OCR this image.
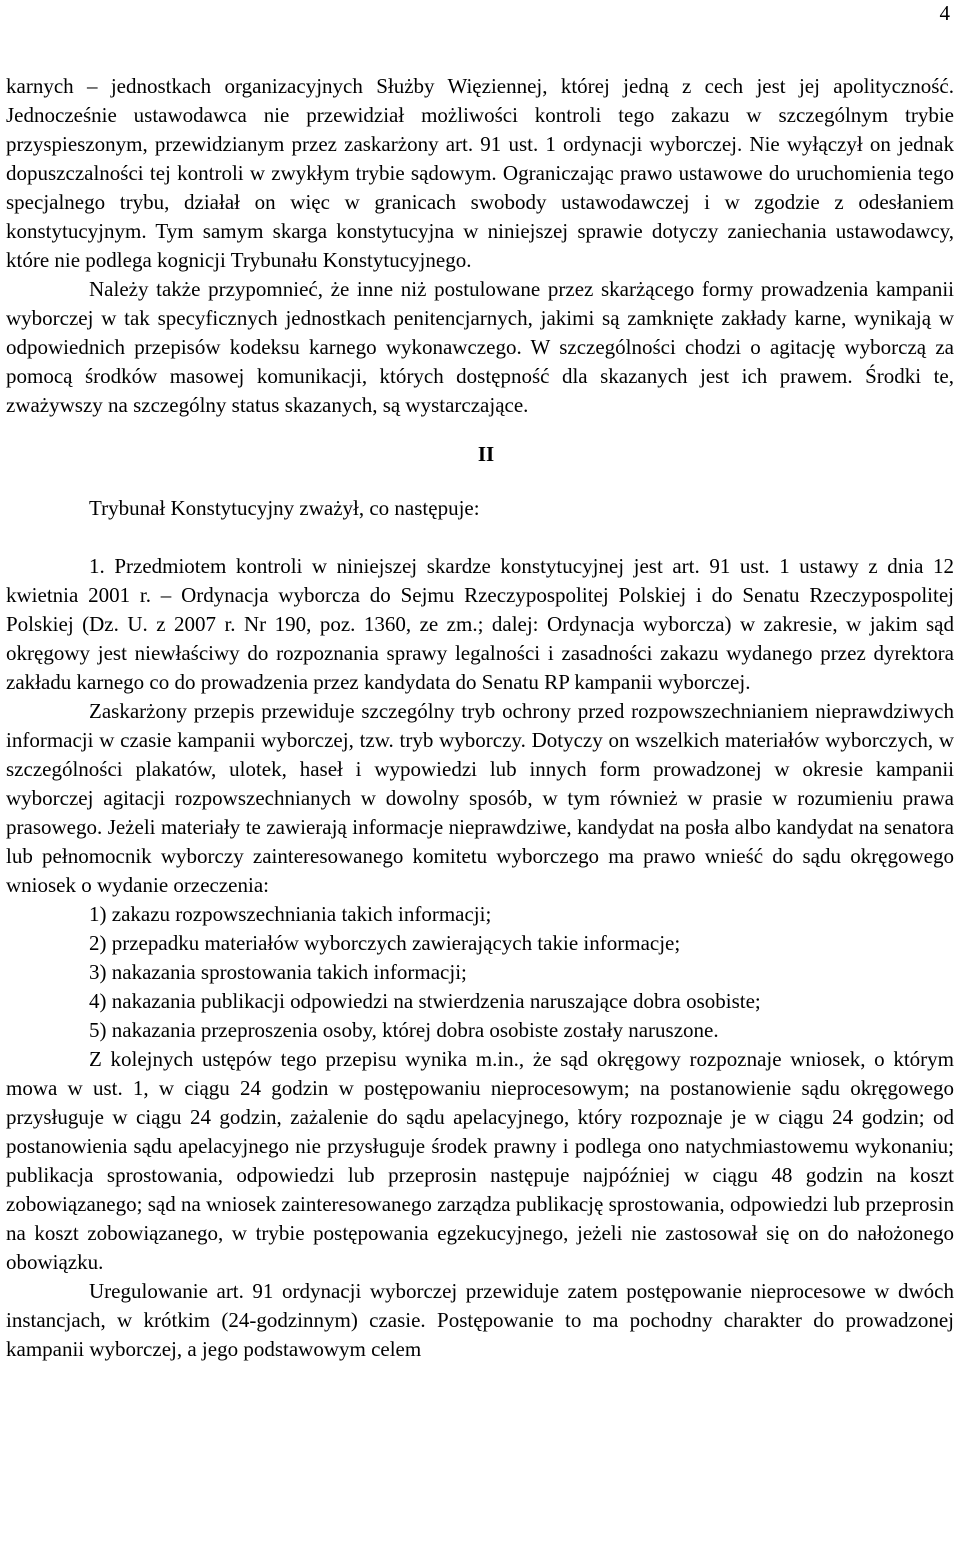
4

karnych – jednostkach organizacyjnych Służby Więziennej, której jedną z cech jest jej apolityczność. Jednocześnie ustawodawca nie przewidział możliwości kontroli tego zakazu w szczególnym trybie przyspieszonym, przewidzianym przez zaskarżony art. 91 ust. 1 ordynacji wyborczej. Nie wyłączył on jednak dopuszczalności tej kontroli w zwykłym trybie sądowym. Ograniczając prawo ustawowe do uruchomienia tego specjalnego trybu, działał on więc w granicach swobody ustawodawczej i w zgodzie z odesłaniem konstytucyjnym. Tym samym skarga konstytucyjna w niniejszej sprawie dotyczy zaniechania ustawodawcy, które nie podlega kognicji Trybunału Konstytucyjnego.

Należy także przypomnieć, że inne niż postulowane przez skarżącego formy prowadzenia kampanii wyborczej w tak specyficznych jednostkach penitencjarnych, jakimi są zamknięte zakłady karne, wynikają w odpowiednich przepisów kodeksu karnego wykonawczego. W szczególności chodzi o agitację wyborczą za pomocą środków masowej komunikacji, których dostępność dla skazanych jest ich prawem. Środki te, zważywszy na szczególny status skazanych, są wystarczające.

II

Trybunał Konstytucyjny zważył, co następuje:

1. Przedmiotem kontroli w niniejszej skardze konstytucyjnej jest art. 91 ust. 1 ustawy z dnia 12 kwietnia 2001 r. – Ordynacja wyborcza do Sejmu Rzeczypospolitej Polskiej i do Senatu Rzeczypospolitej Polskiej (Dz. U. z 2007 r. Nr 190, poz. 1360, ze zm.; dalej: Ordynacja wyborcza) w zakresie, w jakim sąd okręgowy jest niewłaściwy do rozpoznania sprawy legalności i zasadności zakazu wydanego przez dyrektora zakładu karnego co do prowadzenia przez kandydata do Senatu RP kampanii wyborczej.

Zaskarżony przepis przewiduje szczególny tryb ochrony przed rozpowszechnianiem nieprawdziwych informacji w czasie kampanii wyborczej, tzw. tryb wyborczy. Dotyczy on wszelkich materiałów wyborczych, w szczególności plakatów, ulotek, haseł i wypowiedzi lub innych form prowadzonej w okresie kampanii wyborczej agitacji rozpowszechnianych w dowolny sposób, w tym również w prasie w rozumieniu prawa prasowego. Jeżeli materiały te zawierają informacje nieprawdziwe, kandydat na posła albo kandydat na senatora lub pełnomocnik wyborczy zainteresowanego komitetu wyborczego ma prawo wnieść do sądu okręgowego wniosek o wydanie orzeczenia:

1) zakazu rozpowszechniania takich informacji;

2) przepadku materiałów wyborczych zawierających takie informacje;

3) nakazania sprostowania takich informacji;

4) nakazania publikacji odpowiedzi na stwierdzenia naruszające dobra osobiste;

5) nakazania przeproszenia osoby, której dobra osobiste zostały naruszone.

Z kolejnych ustępów tego przepisu wynika m.in., że sąd okręgowy rozpoznaje wniosek, o którym mowa w ust. 1, w ciągu 24 godzin w postępowaniu nieprocesowym; na postanowienie sądu okręgowego przysługuje w ciągu 24 godzin, zażalenie do sądu apelacyjnego, który rozpoznaje je w ciągu 24 godzin; od postanowienia sądu apelacyjnego nie przysługuje środek prawny i podlega ono natychmiastowemu wykonaniu; publikacja sprostowania, odpowiedzi lub przeprosin następuje najpóźniej w ciągu 48 godzin na koszt zobowiązanego; sąd na wniosek zainteresowanego zarządza publikację sprostowania, odpowiedzi lub przeprosin na koszt zobowiązanego, w trybie postępowania egzekucyjnego, jeżeli nie zastosował się on do nałożonego obowiązku.

Uregulowanie art. 91 ordynacji wyborczej przewiduje zatem postępowanie nieprocesowe w dwóch instancjach, w krótkim (24-godzinnym) czasie. Postępowanie to ma pochodny charakter do prowadzonej kampanii wyborczej, a jego podstawowym celem
